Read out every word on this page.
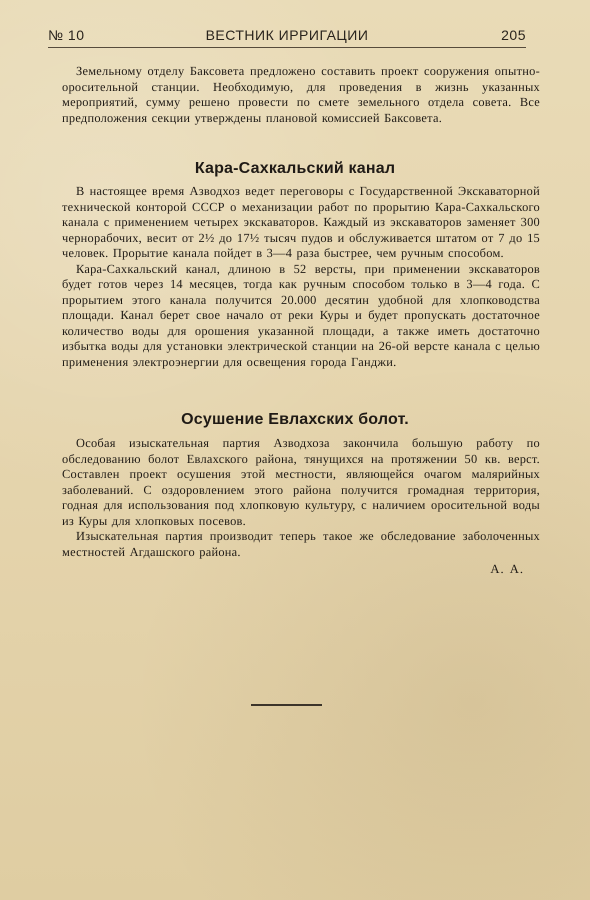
№ 10	ВЕСТНИК ИРРИГАЦИИ	205

Земельному отделу Баксовета предложено составить проект сооружения опытно-оросительной станции. Необходимую, для проведения в жизнь указанных мероприятий, сумму решено провести по смете земельного отдела совета. Все предположения секции утверждены плановой комиссией Баксовета.

Кара-Сахкальский канал

В настоящее время Азводхоз ведет переговоры с Государственной Экскаваторной технической конторой СССР о механизации работ по прорытию Кара-Сахкальского канала с применением четырех экскаваторов. Каждый из экскаваторов заменяет 300 чернорабочих, весит от 2½ до 17½ тысяч пудов и обслуживается штатом от 7 до 15 человек. Прорытие канала пойдет в 3—4 раза быстрее, чем ручным способом.

Кара-Сахкальский канал, длиною в 52 версты, при применении экскаваторов будет готов через 14 месяцев, тогда как ручным способом только в 3—4 года. С прорытием этого канала получится 20.000 десятин удобной для хлопководства площади. Канал берет свое начало от реки Куры и будет пропускать достаточное количество воды для орошения указанной площади, а также иметь достаточно избытка воды для установки электрической станции на 26-ой версте канала с целью применения электроэнергии для освещения города Ганджи.

Осушение Евлахских болот.

Особая изыскательная партия Азводхоза закончила большую работу по обследованию болот Евлахского района, тянущихся на протяжении 50 кв. верст. Составлен проект осушения этой местности, являющейся очагом малярийных заболеваний. С оздоровлением этого района получится громадная территория, годная для использования под хлопковую культуру, с наличием оросительной воды из Куры для хлопковых посевов.

Изыскательная партия производит теперь такое же обследование заболоченных местностей Агдашского района.

А. А.
